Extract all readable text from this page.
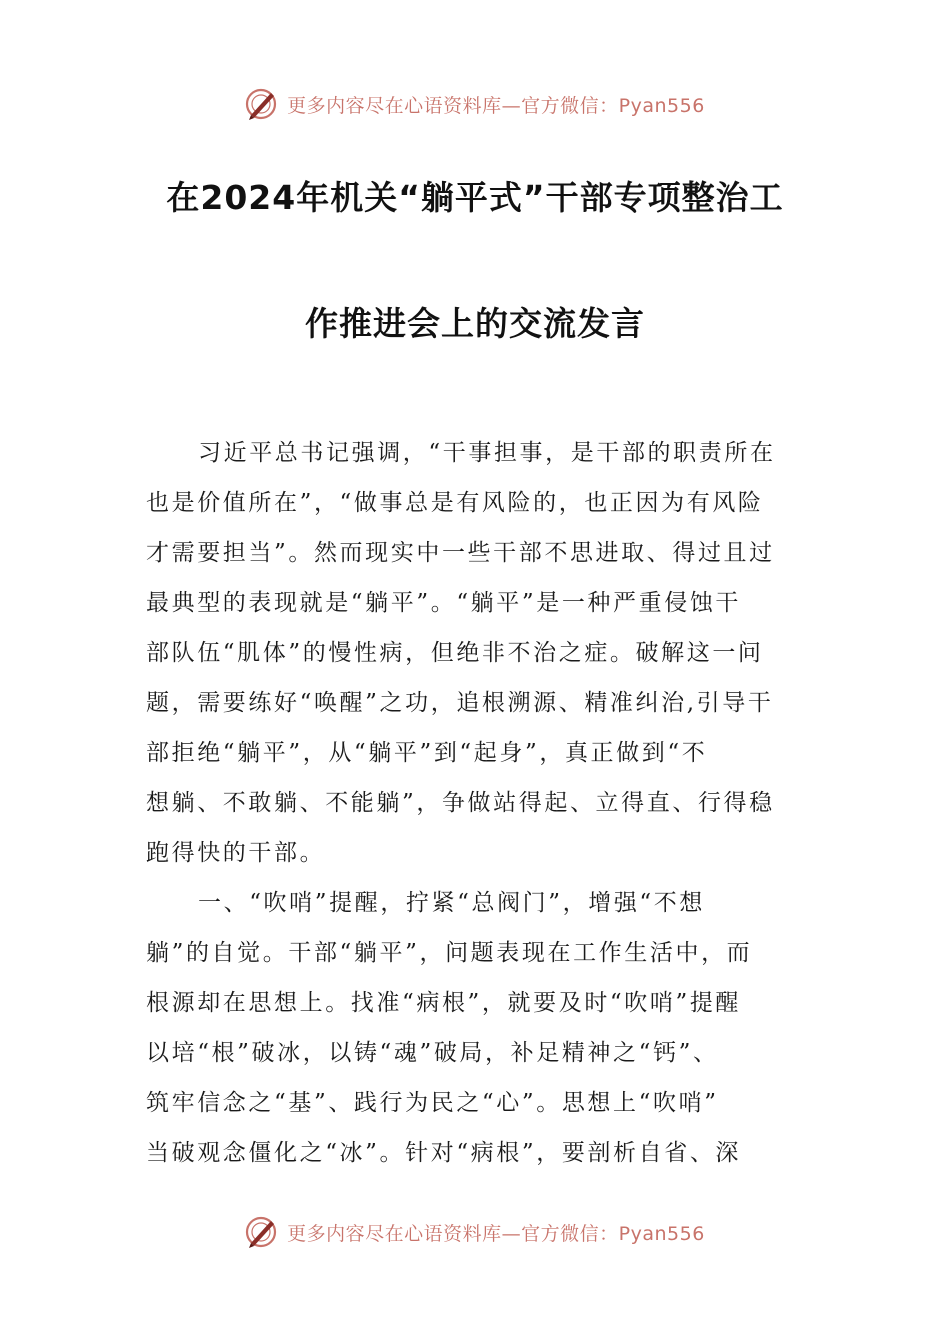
更多内容尽在心语资料库—官方微信：Pyan556
在2024年机关“躺平式”干部专项整治工
作推进会上的交流发言
习近平总书记强调，“干事担事，是干部的职责所在
也是价值所在”，“做事总是有风险的，也正因为有风险
才需要担当”。然而现实中一些干部不思进取、得过且过
最典型的表现就是“躺平”。“躺平”是一种严重侵蚀干
部队伍“肌体”的慢性病，但绝非不治之症。破解这一问
题，需要练好“唤醒”之功，追根溯源、精准纠治,引导干
部拒绝“躺平”，从“躺平”到“起身”，真正做到“不
想躺、不敢躺、不能躺”，争做站得起、立得直、行得稳
跑得快的干部。
一、“吹哨”提醒，拧紧“总阀门”，增强“不想
躺”的自觉。干部“躺平”，问题表现在工作生活中，而
根源却在思想上。找准“病根”，就要及时“吹哨”提醒
以培“根”破冰，以铸“魂”破局，补足精神之“钙”、
筑牢信念之“基”、践行为民之“心”。思想上“吹哨”
当破观念僵化之“冰”。针对“病根”，要剖析自省、深
更多内容尽在心语资料库—官方微信：Pyan556
